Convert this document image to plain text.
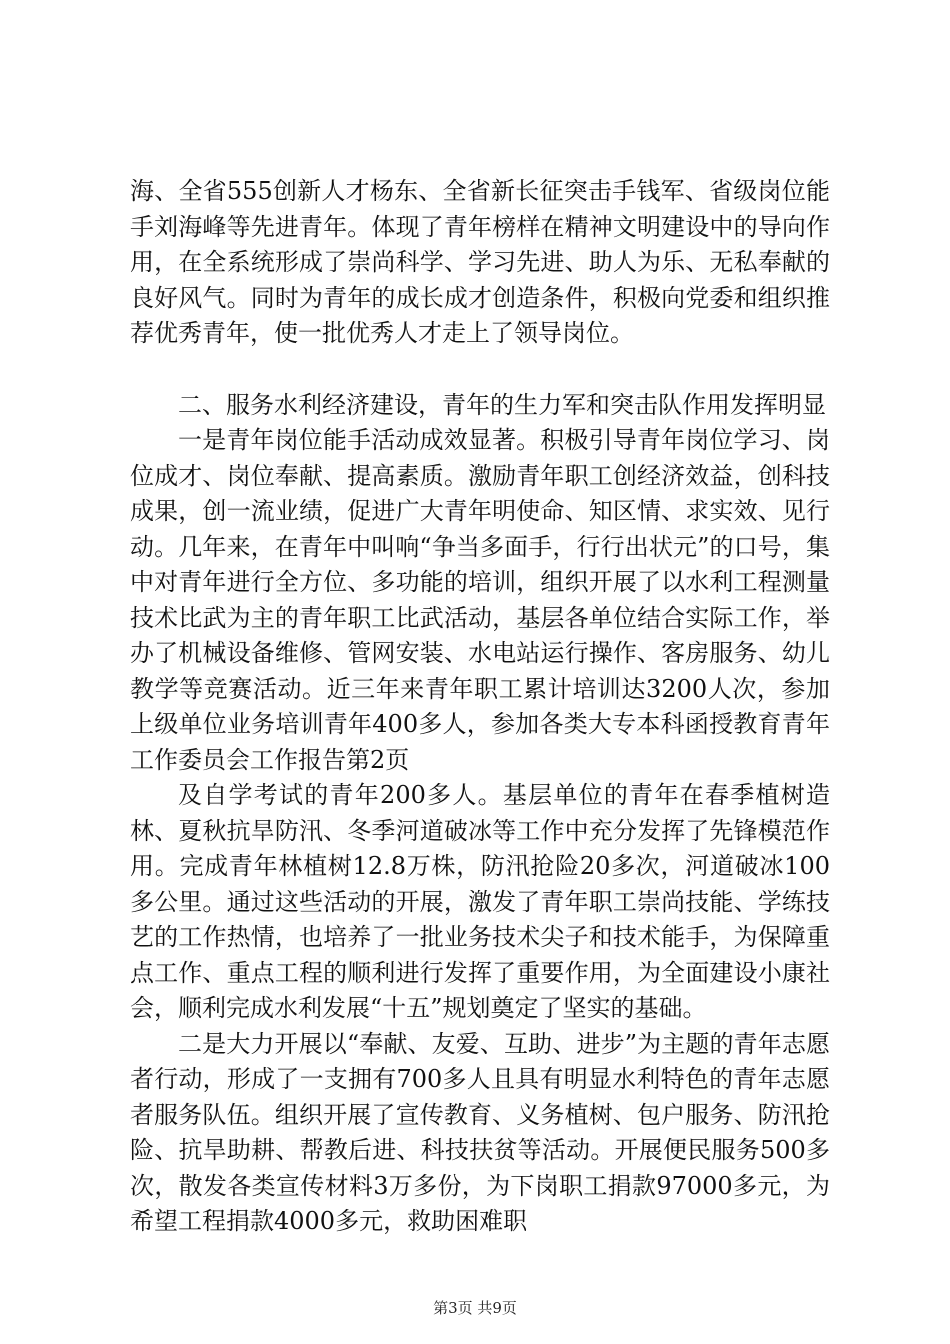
海、全省555创新人才杨东、全省新长征突击手钱军、省级岗位能手刘海峰等先进青年。体现了青年榜样在精神文明建设中的导向作用，在全系统形成了崇尚科学、学习先进、助人为乐、无私奉献的良好风气。同时为青年的成长成才创造条件，积极向党委和组织推荐优秀青年，使一批优秀人才走上了领导岗位。

二、服务水利经济建设，青年的生力军和突击队作用发挥明显

一是青年岗位能手活动成效显著。积极引导青年岗位学习、岗位成才、岗位奉献、提高素质。激励青年职工创经济效益，创科技成果，创一流业绩，促进广大青年明使命、知区情、求实效、见行动。几年来，在青年中叫响“争当多面手，行行出状元”的口号，集中对青年进行全方位、多功能的培训，组织开展了以水利工程测量技术比武为主的青年职工比武活动，基层各单位结合实际工作，举办了机械设备维修、管网安装、水电站运行操作、客房服务、幼儿教学等竞赛活动。近三年来青年职工累计培训达3200人次，参加上级单位业务培训青年400多人，参加各类大专本科函授教育青年工作委员会工作报告第2页

及自学考试的青年200多人。基层单位的青年在春季植树造林、夏秋抗旱防汛、冬季河道破冰等工作中充分发挥了先锋模范作用。完成青年林植树12.8万株，防汛抢险20多次，河道破冰100多公里。通过这些活动的开展，激发了青年职工崇尚技能、学练技艺的工作热情，也培养了一批业务技术尖子和技术能手，为保障重点工作、重点工程的顺利进行发挥了重要作用，为全面建设小康社会，顺利完成水利发展“十五”规划奠定了坚实的基础。

二是大力开展以“奉献、友爱、互助、进步”为主题的青年志愿者行动，形成了一支拥有700多人且具有明显水利特色的青年志愿者服务队伍。组织开展了宣传教育、义务植树、包户服务、防汛抢险、抗旱助耕、帮教后进、科技扶贫等活动。开展便民服务500多次，散发各类宣传材料3万多份，为下岗职工捐款97000多元，为希望工程捐款4000多元，救助困难职

第3页 共9页
